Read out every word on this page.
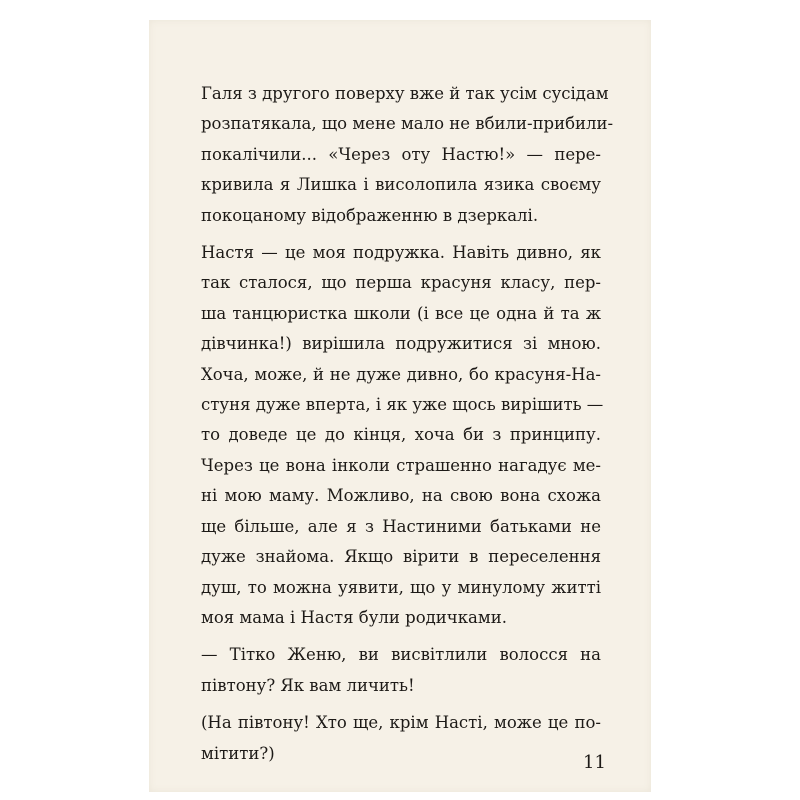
Галя з другого поверху вже й так усім сусідам
розпатякала, що мене мало не вбили-прибили-
покалічили... «Через оту Настю!» — пере-
кривила я Лишка і висолопила язика своєму
покоцаному відображенню в дзеркалі.
Настя — це моя подружка. Навіть дивно, як
так сталося, що перша красуня класу, пер-
ша танцюристка школи (і все це одна й та ж
дівчинка!) вирішила подружитися зі мною.
Хоча, може, й не дуже дивно, бо красуня-На-
стуня дуже вперта, і як уже щось вирішить —
то доведе це до кінця, хоча би з принципу.
Через це вона інколи страшенно нагадує ме-
ні мою маму. Можливо, на свою вона схожа
ще більше, але я з Настиними батьками не
дуже знайома. Якщо вірити в переселення
душ, то можна уявити, що у минулому житті
моя мама і Настя були родичками.
— Тітко Женю, ви висвітлили волосся на
півтону? Як вам личить!
(На півтону! Хто ще, крім Насті, може це по-
мітити?)	11
